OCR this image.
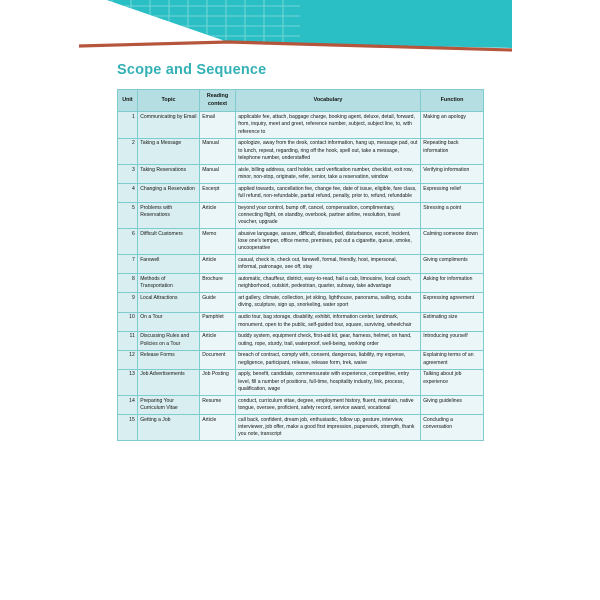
Scope and Sequence
Unit	Topic	Reading context	Vocabulary	Function
1	Communicating by Email	Email	applicable fee, attach, baggage charge, booking agent, deluxe, detail, forward, from, inquiry, meet and greet, reference number, subject, subject line, to, with reference to	Making an apology
2	Taking a Message	Manual	apologize, away from the desk, contact information, hang up, message pad, out to lunch, repeat, regarding, ring off the hook, spell out, take a message, telephone number, understaffed	Repeating back information
3	Taking Reservations	Manual	aisle, billing address, card holder, card verification number, checklist, exit row, minor, non-stop, originate, refer, senior, take a reservation, window	Verifying information
4	Changing a Reservation	Excerpt	applied towards, cancellation fee, change fee, date of issue, eligible, fare class, full refund, non-refundable, partial refund, penalty, prior to, refund, refundable	Expressing relief
5	Problems with Reservations	Article	beyond your control, bump off, cancel, compensation, complimentary, connecting flight, on standby, overbook, partner airline, resolution, travel voucher, upgrade	Stressing a point
6	Difficult Customers	Memo	abusive language, assure, difficult, dissatisfied, disturbance, escort, incident, lose one's temper, office memo, premises, put out a cigarette, queue, smoke, uncooperative	Calming someone down
7	Farewell	Article	casual, check in, check out, farewell, formal, friendly, host, impersonal, informal, patronage, see off, stay	Giving compliments
8	Methods of Transportation	Brochure	automatic, chauffeur, district, easy-to-read, hail a cab, limousine, local coach, neighborhood, outskirt, pedestrian, quarter, subway, take advantage	Asking for information
9	Local Attractions	Guide	art gallery, climate, collection, jet skiing, lighthouse, panorama, sailing, scuba diving, sculpture, sign up, snorkeling, water sport	Expressing agreement
10	On a Tour	Pamphlet	audio tour, bag storage, disability, exhibit, information center, landmark, monument, open to the public, self-guided tour, square, surviving, wheelchair	Estimating size
11	Discussing Rules and Policies on a Tour	Article	buddy system, equipment check, first-aid kit, gear, harness, helmet, on hand, outing, rope, sturdy, trail, waterproof, well-being, working order	Introducing yourself
12	Release Forms	Document	breach of contract, comply with, consent, dangerous, liability, my expense, negligence, participant, release, release form, trek, waive	Explaining terms of an agreement
13	Job Advertisements	Job Posting	apply, benefit, candidate, commensurate with experience, competitive, entry level, fill a number of positions, full-time, hospitality industry, link, process, qualification, wage	Talking about job experience
14	Preparing Your Curriculum Vitae	Resume	conduct, curriculum vitae, degree, employment history, fluent, maintain, native tongue, oversee, proficient, safety record, service award, vocational	Giving guidelines
15	Getting a Job	Article	call back, confident, dream job, enthusiastic, follow up, gesture, interview, interviewer, job offer, make a good first impression, paperwork, strength, thank you note, transcript	Concluding a conversation
